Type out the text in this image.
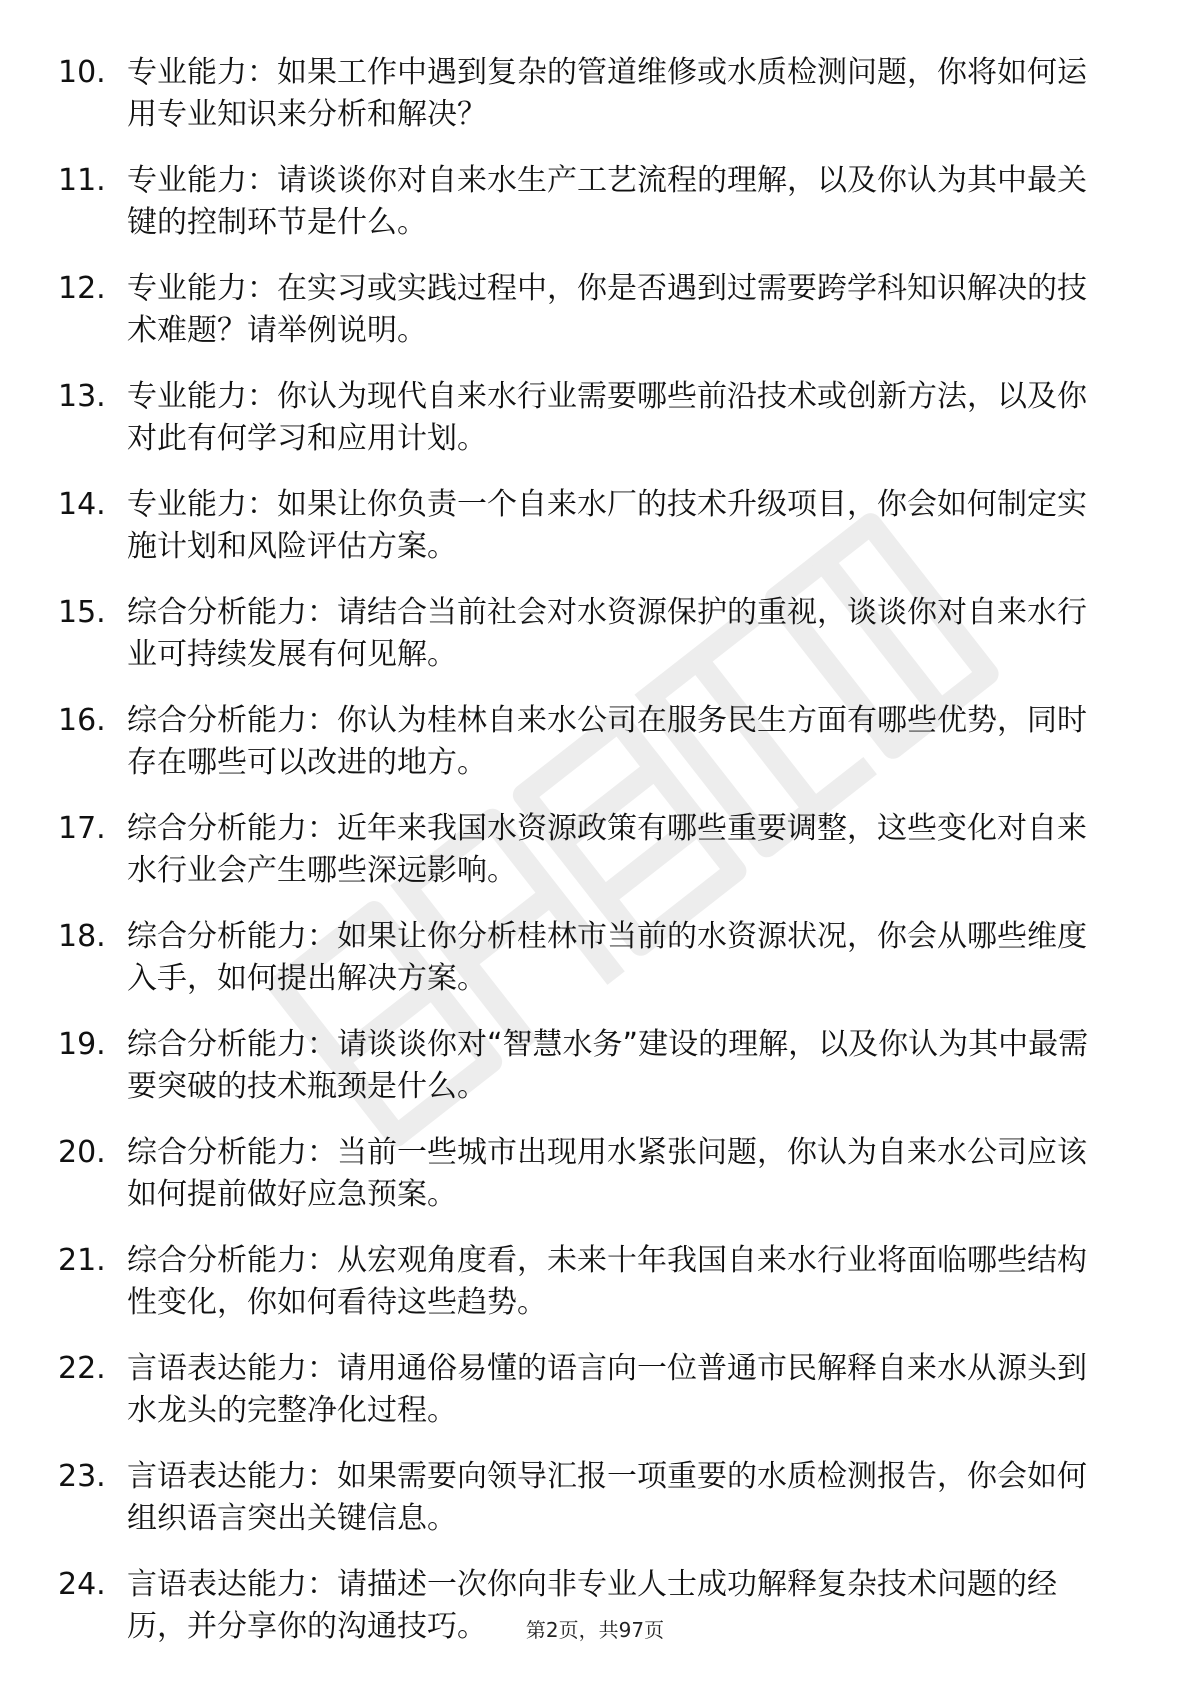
10. 专业能力：如果工作中遇到复杂的管道维修或水质检测问题，你将如何运用专业知识来分析和解决？
11. 专业能力：请谈谈你对自来水生产工艺流程的理解，以及你认为其中最关键的控制环节是什么。
12. 专业能力：在实习或实践过程中，你是否遇到过需要跨学科知识解决的技术难题？请举例说明。
13. 专业能力：你认为现代自来水行业需要哪些前沿技术或创新方法，以及你对此有何学习和应用计划。
14. 专业能力：如果让你负责一个自来水厂的技术升级项目，你会如何制定实施计划和风险评估方案。
15. 综合分析能力：请结合当前社会对水资源保护的重视，谈谈你对自来水行业可持续发展有何见解。
16. 综合分析能力：你认为桂林自来水公司在服务民生方面有哪些优势，同时存在哪些可以改进的地方。
17. 综合分析能力：近年来我国水资源政策有哪些重要调整，这些变化对自来水行业会产生哪些深远影响。
18. 综合分析能力：如果让你分析桂林市当前的水资源状况，你会从哪些维度入手，如何提出解决方案。
19. 综合分析能力：请谈谈你对“智慧水务”建设的理解，以及你认为其中最需要突破的技术瓶颈是什么。
20. 综合分析能力：当前一些城市出现用水紧张问题，你认为自来水公司应该如何提前做好应急预案。
21. 综合分析能力：从宏观角度看，未来十年我国自来水行业将面临哪些结构性变化，你如何看待这些趋势。
22. 言语表达能力：请用通俗易懂的语言向一位普通市民解释自来水从源头到水龙头的完整净化过程。
23. 言语表达能力：如果需要向领导汇报一项重要的水质检测报告，你会如何组织语言突出关键信息。
24. 言语表达能力：请描述一次你向非专业人士成功解释复杂技术问题的经历，并分享你的沟通技巧。	第2页，共97页
